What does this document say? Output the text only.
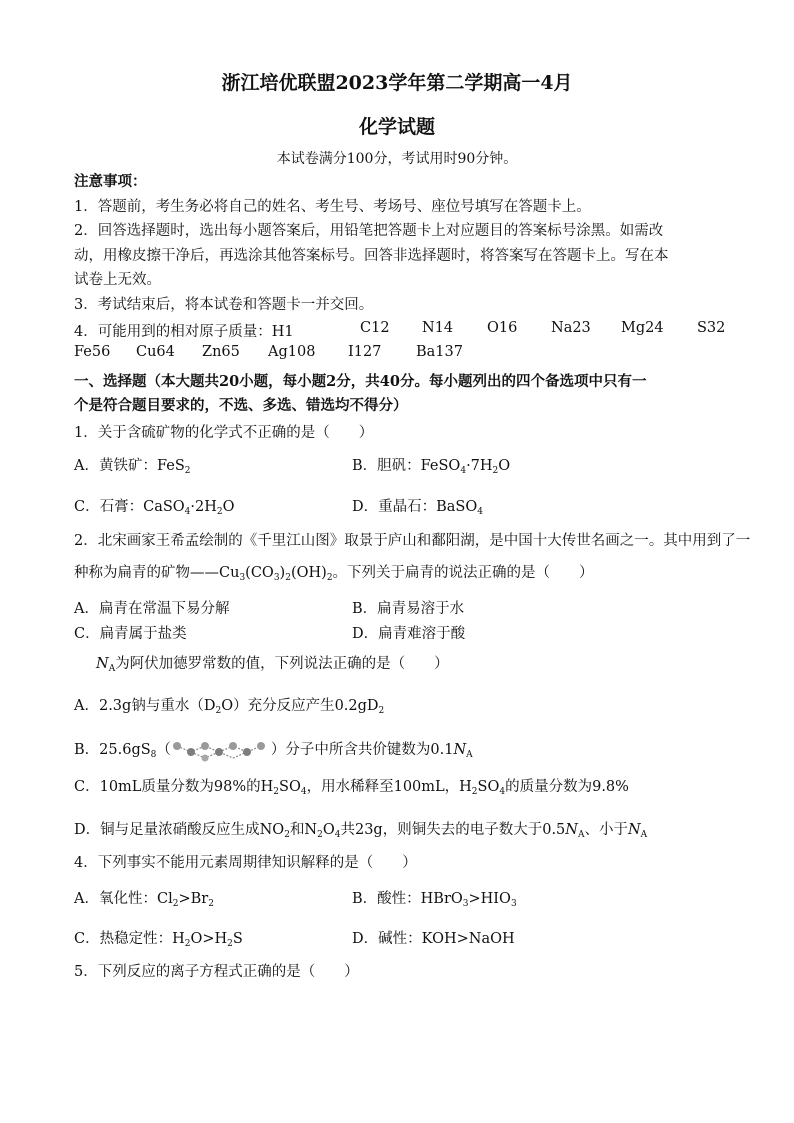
浙江培优联盟2023学年第二学期高一4月
化学试题
本试卷满分100分，考试用时90分钟。
注意事项：
1．答题前，考生务必将自己的姓名、考生号、考场号、座位号填写在答题卡上。
2．回答选择题时，选出每小题答案后，用铅笔把答题卡上对应题目的答案标号涂黑。如需改
动，用橡皮擦干净后，再选涂其他答案标号。回答非选择题时，将答案写在答题卡上。写在本
试卷上无效。
3．考试结束后，将本试卷和答题卡一并交回。
4．可能用到的相对原子质量：H1	C12 N14 O16 Na23 Mg24 S32
Fe56 Cu64 Zn65 Ag108 Ⅰ127 Ba137
一、选择题（本大题共20小题，每小题2分，共40分。每小题列出的四个备选项中只有一
个是符合题目要求的，不选、多选、错选均不得分）
1．关于含硫矿物的化学式不正确的是（　　）
A．黄铁矿：FeS$_2$	B．胆矾：$FeSO_4\cdot 7H_2O$
C．石膏：$CaSO_4\cdot 2H_2O$	D．重晶石：BaSO$_4$
2．北宋画家王希孟绘制的《千里江山图》取景于庐山和鄱阳湖，是中国十大传世名画之一。其中用到了一
种称为扁青的矿物$——Cu_3(CO_3)_2(OH)_2$。下列关于扁青的说法正确的是（　　）
A．扁青在常温下易分解	B．扁青易溶于水
C．扁青属于盐类	D．扁青难溶于酸
$N_A$为阿伏加德罗常数的值，下列说法正确的是（　　）
A．2.3g钠与重水$(D_2O)$充分反应产生$0.2gD_2$
B．$25.6gS_8$（	）分子中所含共价键数为$0.1N_A$
C．10mL质量分数为98%的$H_2SO_4$，用水稀释至100mL，$H_2SO_4$的质量分数为9.8%
D．铜与足量浓硝酸反应生成$NO_2$和$N_2O_4$共23g，则铜失去的电子数大于$0.5N_A$、小于$N_A$
4．下列事实不能用元素周期律知识解释的是（　　）
A．氧化性：$Cl_2>Br_2$	B．酸性：$HBrO_3>HIO_3$
C．热稳定性：$H_2O>H_2S$	D．碱性：KOH>NaOH
5．下列反应的离子方程式正确的是（　　）
